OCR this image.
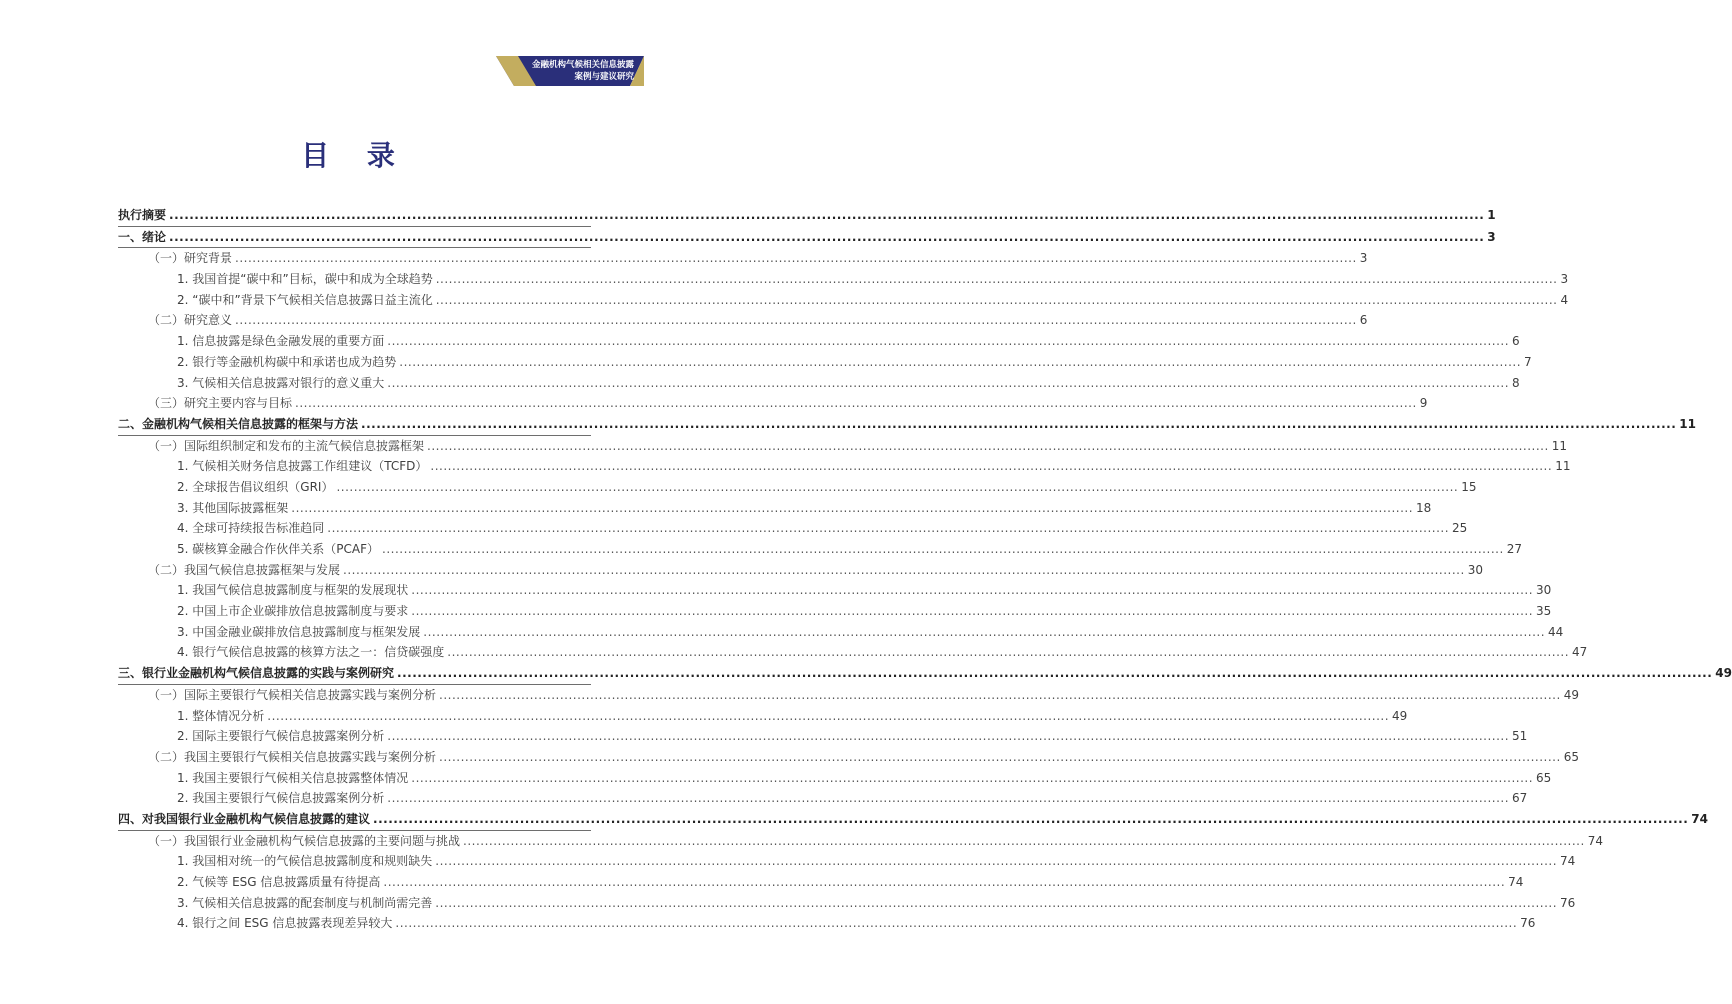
金融机构气候相关信息披露
案例与建议研究
目 录
执行摘要 .................................................................................................................................................................................................................................................................... 1
一、绪论 .................................................................................................................................................................................................................................................................... 3
（一）研究背景 .................................................................................................................................................................................................................................................................... 3
1. 我国首提“碳中和”目标，碳中和成为全球趋势 .................................................................................................................................................................................................................................................................... 3
2. “碳中和”背景下气候相关信息披露日益主流化 .................................................................................................................................................................................................................................................................... 4
（二）研究意义 .................................................................................................................................................................................................................................................................... 6
1. 信息披露是绿色金融发展的重要方面 .................................................................................................................................................................................................................................................................... 6
2. 银行等金融机构碳中和承诺也成为趋势 .................................................................................................................................................................................................................................................................... 7
3. 气候相关信息披露对银行的意义重大 .................................................................................................................................................................................................................................................................... 8
（三）研究主要内容与目标 .................................................................................................................................................................................................................................................................... 9
二、金融机构气候相关信息披露的框架与方法 .................................................................................................................................................................................................................................................................... 11
（一）国际组织制定和发布的主流气候信息披露框架 .................................................................................................................................................................................................................................................................... 11
1. 气候相关财务信息披露工作组建议（TCFD） .................................................................................................................................................................................................................................................................... 11
2. 全球报告倡议组织（GRI） .................................................................................................................................................................................................................................................................... 15
3. 其他国际披露框架 .................................................................................................................................................................................................................................................................... 18
4. 全球可持续报告标准趋同 .................................................................................................................................................................................................................................................................... 25
5. 碳核算金融合作伙伴关系（PCAF） .................................................................................................................................................................................................................................................................... 27
（二）我国气候信息披露框架与发展 .................................................................................................................................................................................................................................................................... 30
1. 我国气候信息披露制度与框架的发展现状 .................................................................................................................................................................................................................................................................... 30
2. 中国上市企业碳排放信息披露制度与要求 .................................................................................................................................................................................................................................................................... 35
3. 中国金融业碳排放信息披露制度与框架发展 .................................................................................................................................................................................................................................................................... 44
4. 银行气候信息披露的核算方法之一：信贷碳强度 .................................................................................................................................................................................................................................................................... 47
三、银行业金融机构气候信息披露的实践与案例研究 .................................................................................................................................................................................................................................................................... 49
（一）国际主要银行气候相关信息披露实践与案例分析 .................................................................................................................................................................................................................................................................... 49
1. 整体情况分析 .................................................................................................................................................................................................................................................................... 49
2. 国际主要银行气候信息披露案例分析 .................................................................................................................................................................................................................................................................... 51
（二）我国主要银行气候相关信息披露实践与案例分析 .................................................................................................................................................................................................................................................................... 65
1. 我国主要银行气候相关信息披露整体情况 .................................................................................................................................................................................................................................................................... 65
2. 我国主要银行气候信息披露案例分析 .................................................................................................................................................................................................................................................................... 67
四、对我国银行业金融机构气候信息披露的建议 .................................................................................................................................................................................................................................................................... 74
（一）我国银行业金融机构气候信息披露的主要问题与挑战 .................................................................................................................................................................................................................................................................... 74
1. 我国相对统一的气候信息披露制度和规则缺失 .................................................................................................................................................................................................................................................................... 74
2. 气候等 ESG 信息披露质量有待提高 .................................................................................................................................................................................................................................................................... 74
3. 气候相关信息披露的配套制度与机制尚需完善 .................................................................................................................................................................................................................................................................... 76
4. 银行之间 ESG 信息披露表现差异较大 .................................................................................................................................................................................................................................................................... 76
